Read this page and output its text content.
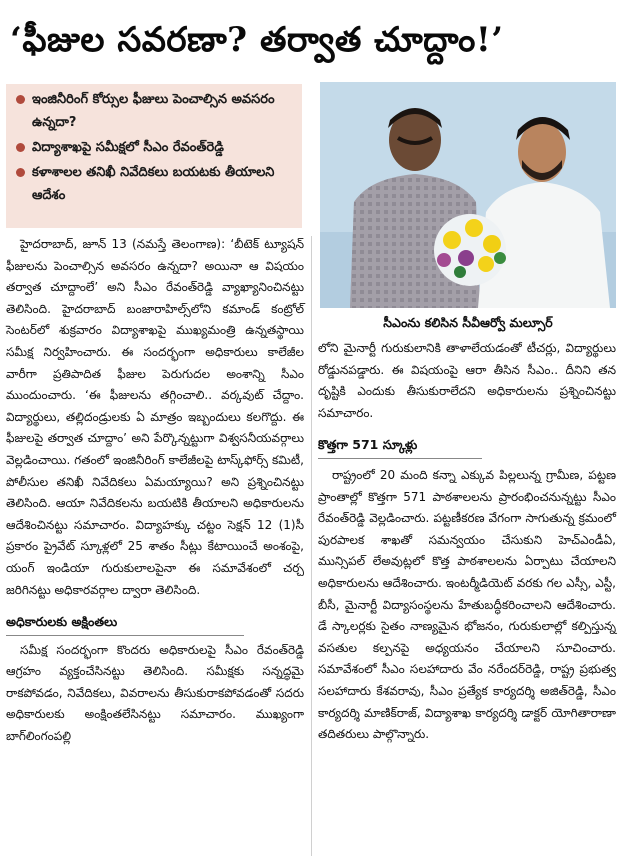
‘ఫీజుల సవరణా? తర్వాత చూద్దాం!’
ఇంజినీరింగ్ కోర్సుల ఫీజులు పెంచాల్సిన అవసరం ఉన్నదా?
విద్యాశాఖపై సమీక్షలో సీఎం రేవంత్‌రెడ్డి
కళాశాలల తనిఖీ నివేదికలు బయటకు తీయాలని ఆదేశం
సీఎంను కలిసిన సీవీఆర్వో మల్సూర్

హైదరాబాద్, జూన్ 13 (నమస్తే తెలంగాణ): ‘బీటెక్ ట్యూషన్ ఫీజులను పెంచాల్సిన అవసరం ఉన్నదా? అయినా ఆ విషయం తర్వాత చూద్దాంలే’ అని సీఎం రేవంత్‌రెడ్డి వ్యాఖ్యానించినట్టు తెలిసింది. హైదరాబాద్ బంజారాహిల్స్‌లోని కమాండ్ కంట్రోల్ సెంటర్‌లో శుక్రవారం విద్యాశాఖపై ముఖ్యమంత్రి ఉన్నతస్థాయి సమీక్ష నిర్వహించారు. ఈ సందర్భంగా అధికారులు కాలేజీల వారీగా ప్రతిపాదిత ఫీజుల పెరుగుదల అంశాన్ని సీఎం ముందుంచారు. ‘ఈ ఫీజులను తగ్గించాలి.. వర్కవుట్ చేద్దాం. విద్యార్థులు, తల్లిదండ్రులకు ఏ మాత్రం ఇబ్బందులు కలగొద్దు. ఈ ఫీజులపై తర్వాత చూద్దాం’ అని పేర్కొన్నట్టుగా విశ్వసనీయవర్గాలు వెల్లడించాయి. గతంలో ఇంజినీరింగ్ కాలేజీలపై టాస్క్‌ఫోర్స్ కమిటీ, పోలీసుల తనిఖీ నివేదికలు ఏమయ్యాయి? అని ప్రశ్నించినట్టు తెలిసింది. ఆయా నివేదికలను బయటికి తీయాలని అధికారులను ఆదేశించినట్టు సమాచారం. విద్యాహక్కు చట్టం సెక్షన్ 12 (1)సీ ప్రకారం ప్రైవేట్ స్కూళ్లలో 25 శాతం సీట్లు కేటాయించే అంశంపై, యంగ్ ఇండియా గురుకులాలపైనా ఈ సమావేశంలో చర్చ జరిగినట్టు అధికారవర్గాల ద్వారా తెలిసింది.

అధికారులకు అక్షింతలు

సమీక్ష సందర్భంగా కొందరు అధికారులపై సీఎం రేవంత్‌రెడ్డి ఆగ్రహం వ్యక్తంచేసినట్టు తెలిసింది. సమీక్షకు సన్నద్ధమై రాకపోవడం, నివేదికలు, వివరాలను తీసుకురాకపోవడంతో సదరు అధికారులకు అంక్షింతలేసినట్టు సమాచారం. ముఖ్యంగా బాగ్‌లింగంపల్లి

లోని మైనార్టీ గురుకులానికి తాళాలేయడంతో టీచర్లు, విద్యార్థులు రోడ్డునపడ్డారు. ఈ విషయంపై ఆరా తీసిన సీఎం.. దీనిని తన దృష్టికి ఎందుకు తీసుకురాలేదని అధికారులను ప్రశ్నించినట్టు సమాచారం.

కొత్తగా 571 స్కూళ్లు

రాష్ట్రంలో 20 మంది కన్నా ఎక్కువ పిల్లలున్న గ్రామీణ, పట్టణ ప్రాంతాల్లో కొత్తగా 571 పాఠశాలలను ప్రారంభించనున్నట్టు సీఎం రేవంత్‌రెడ్డి వెల్లడించారు. పట్టణీకరణ వేగంగా సాగుతున్న క్రమంలో పురపాలక శాఖతో సమన్వయం చేసుకుని హెచ్‌ఎండీఏ, మున్సిపల్ లేఅవుట్లలో కొత్త పాఠశాలలను ఏర్పాటు చేయాలని అధికారులను ఆదేశించారు. ఇంటర్మీడియెట్ వరకు గల ఎస్సీ, ఎస్టీ, బీసీ, మైనార్టీ విద్యాసంస్థలను హేతుబద్ధీకరించాలని ఆదేశించారు. డే స్కాలర్లకు సైతం నాణ్యమైన భోజనం, గురుకులాల్లో కల్పిస్తున్న వసతుల కల్పనపై అధ్యయనం చేయాలని సూచించారు. సమావేశంలో సీఎం సలహాదారు వేం నరేందర్‌రెడ్డి, రాష్ట్ర ప్రభుత్వ సలహాదారు కేశవరావు, సీఎం ప్రత్యేక కార్యదర్శి అజిత్‌రెడ్డి, సీఎం కార్యదర్శి మాణిక్‌రాజ్, విద్యాశాఖ కార్యదర్శి డాక్టర్ యోగితారాణా తదితరులు పాల్గొన్నారు.
